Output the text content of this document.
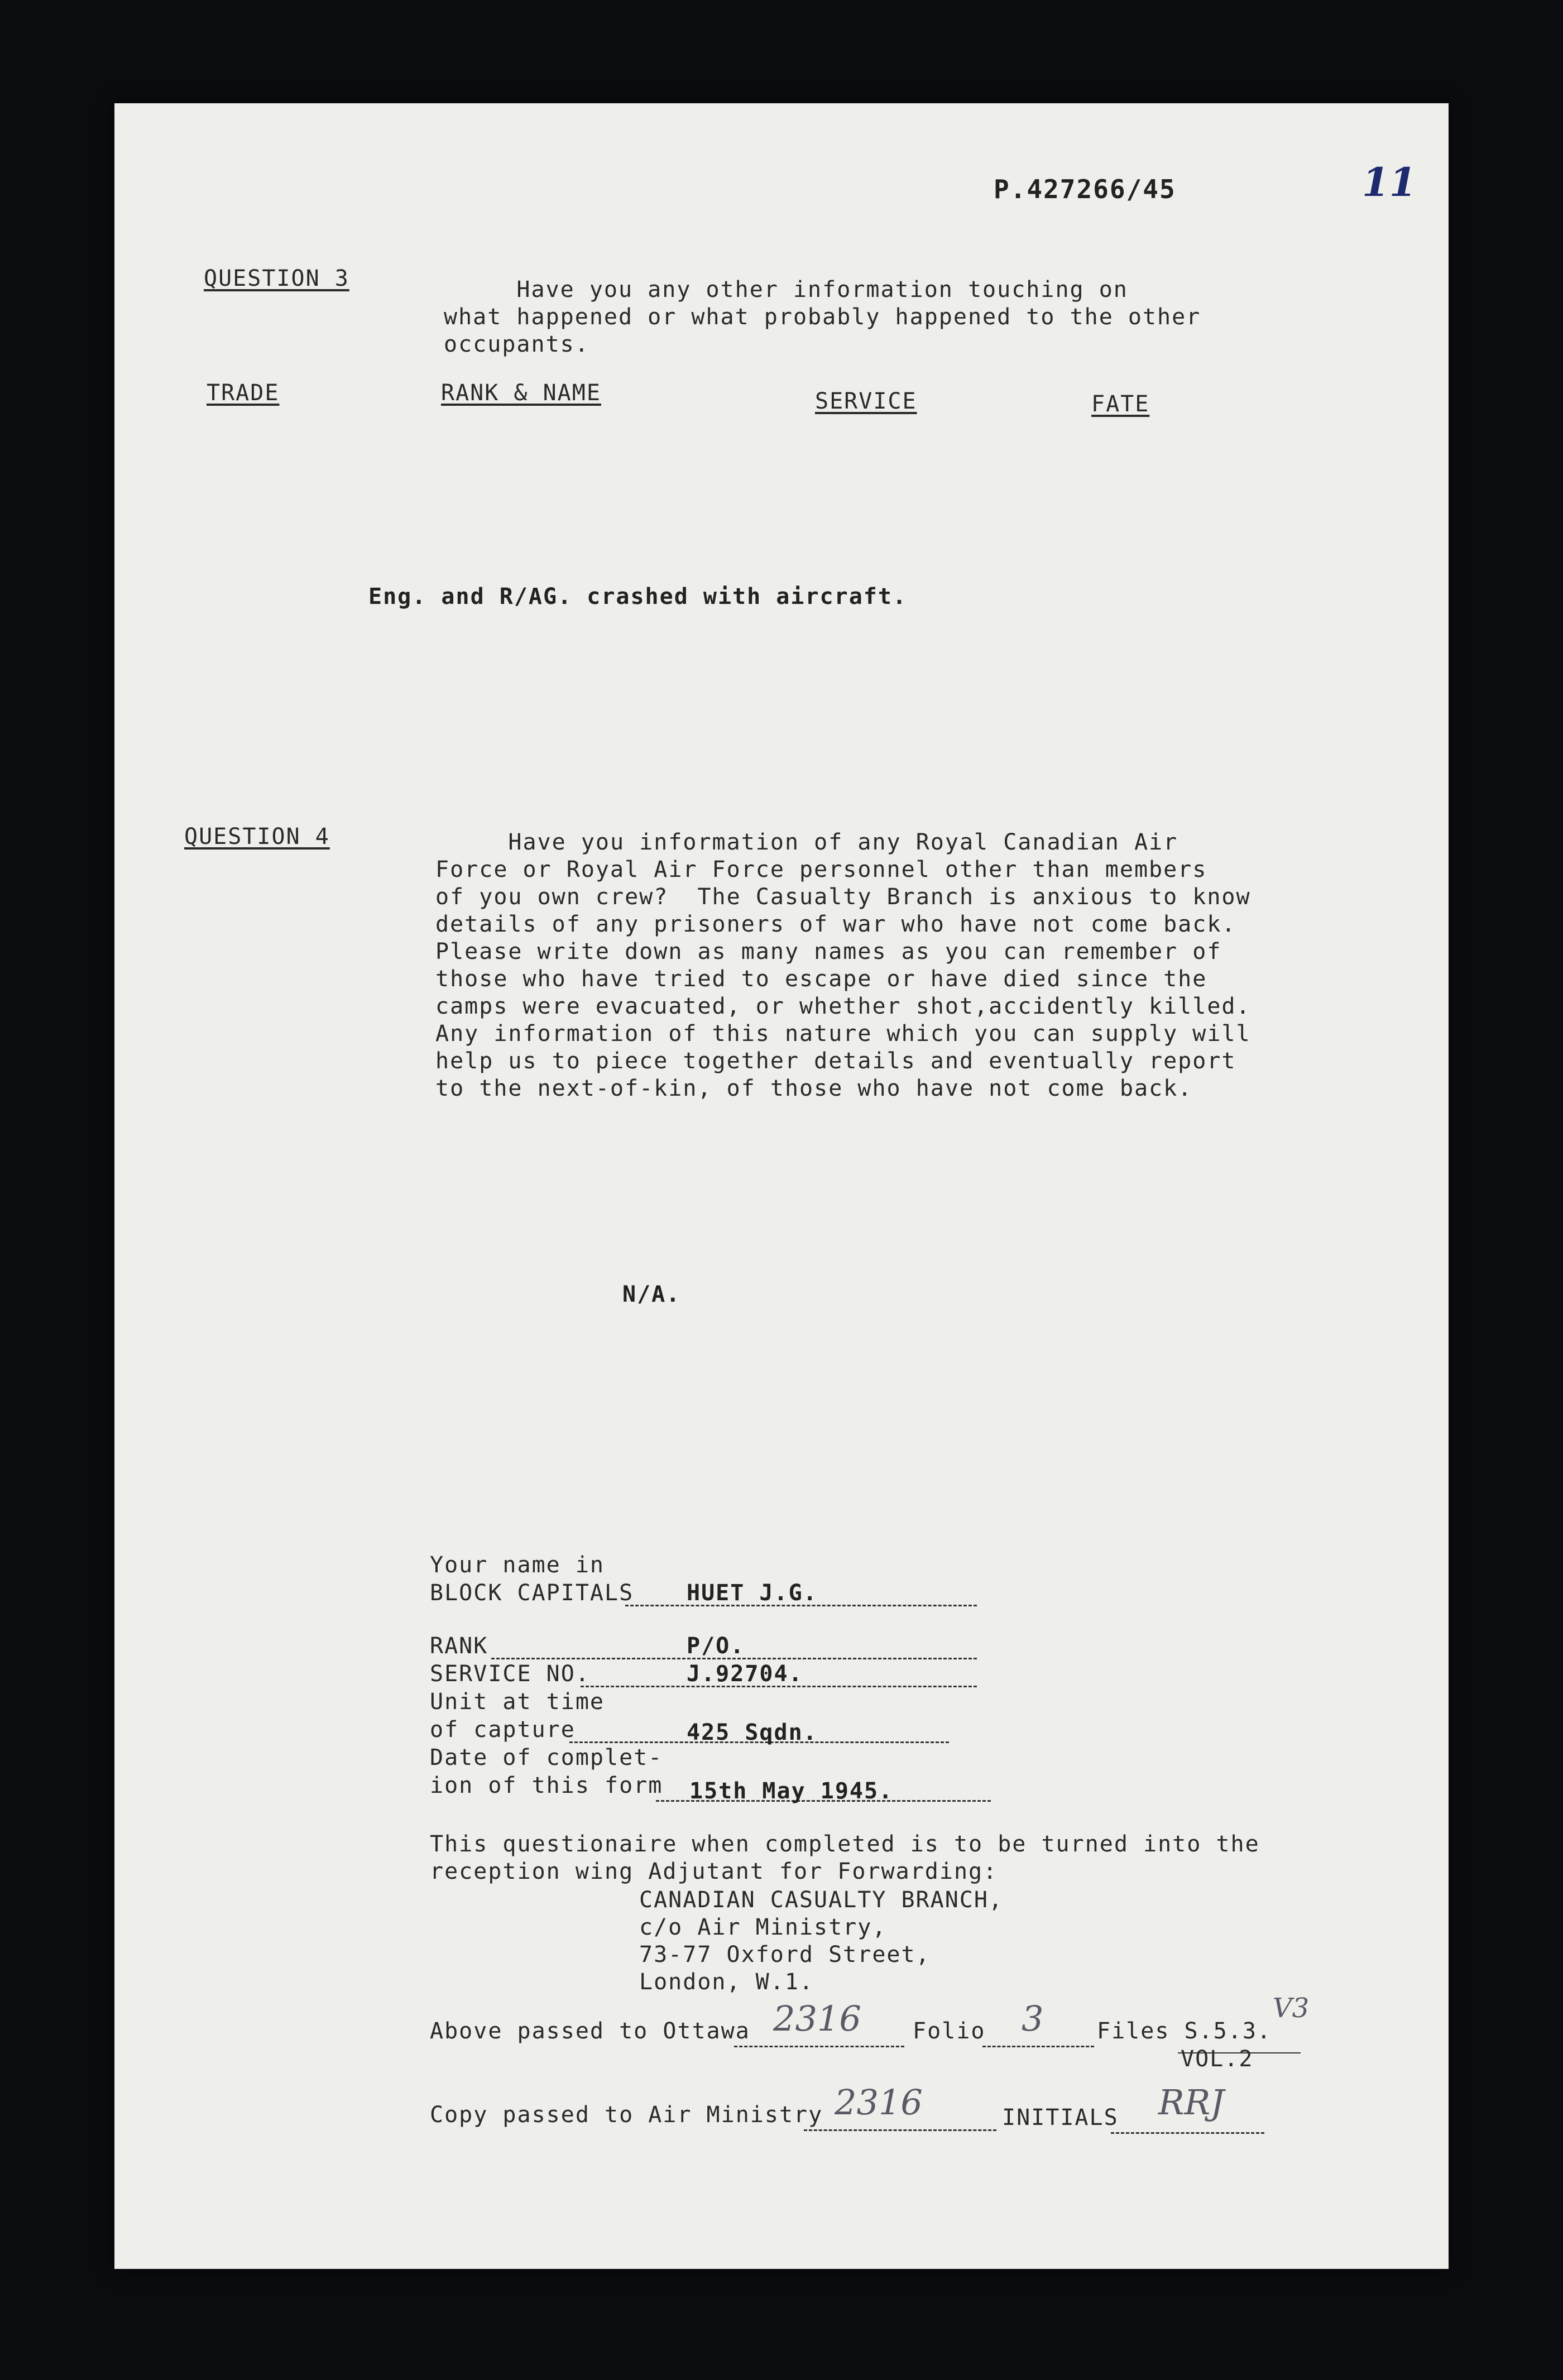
P.427266/45	11
QUESTION 3	Have you any other information touching on
what happened or what probably happened to the other
occupants.
TRADE	RANK & NAME	SERVICE	FATE
Eng. and R/AG. crashed with aircraft.
QUESTION 4	Have you information of any Royal Canadian Air
Force or Royal Air Force personnel other than members
of you own crew?  The Casualty Branch is anxious to know
details of any prisoners of war who have not come back.
Please write down as many names as you can remember of
those who have tried to escape or have died since the
camps were evacuated, or whether shot,accidently killed.
Any information of this nature which you can supply will
help us to piece together details and eventually report
to the next-of-kin, of those who have not come back.
N/A.
Your name in
BLOCK CAPITALS HUET J.G.
RANK	P/O.
SERVICE NO.	J.92704.
Unit at time
of capture	425 Sqdn.
Date of complet-
ion of this form 15th May 1945.
This questionaire when completed is to be turned into the
reception wing Adjutant for Forwarding:
CANADIAN CASUALTY BRANCH,
c/o Air Ministry,
73-77 Oxford Street,
London, W.1.
Above passed to Ottawa 2316 Folio 3 Files S.5.3.
V3
VOL.2
Copy passed to Air Ministry 2316	INITIALS RRJ
